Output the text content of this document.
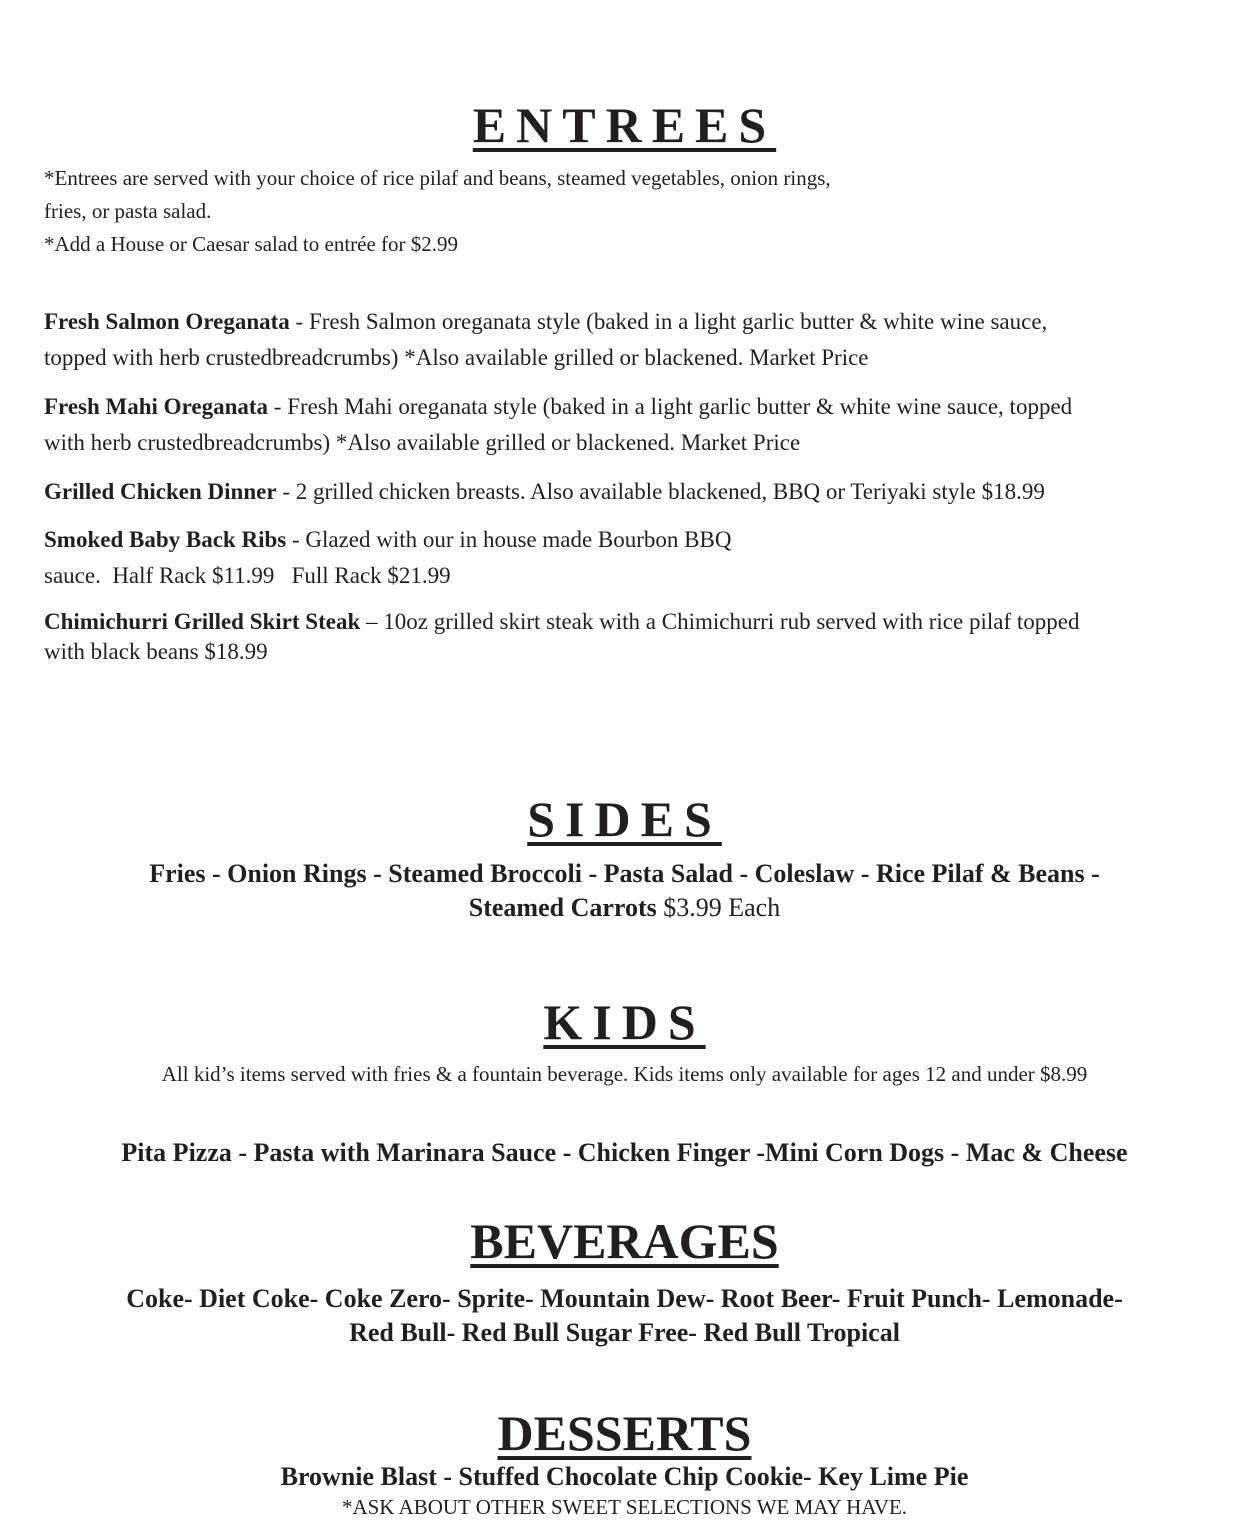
ENTREES

*Entrees are served with your choice of rice pilaf and beans, steamed vegetables, onion rings,

fries, or pasta salad.

*Add a House or Caesar salad to entrée for $2.99

Fresh Salmon Oreganata - Fresh Salmon oreganata style (baked in a light garlic butter & white wine sauce,
topped with herb crustedbreadcrumbs) *Also available grilled or blackened. Market Price
Fresh Mahi Oreganata - Fresh Mahi oreganata style (baked in a light garlic butter & white wine sauce, topped
with herb crustedbreadcrumbs) *Also available grilled or blackened. Market Price
Grilled Chicken Dinner - 2 grilled chicken breasts. Also available blackened, BBQ or Teriyaki style $18.99
Smoked Baby Back Ribs - Glazed with our in house made Bourbon BBQ
sauce.  Half Rack $11.99   Full Rack $21.99
Chimichurri Grilled Skirt Steak – 10oz grilled skirt steak with a Chimichurri rub served with rice pilaf topped
with black beans $18.99
SIDES
Fries - Onion Rings - Steamed Broccoli - Pasta Salad - Coleslaw - Rice Pilaf & Beans -
Steamed Carrots $3.99 Each
KIDS

All kid’s items served with fries & a fountain beverage. Kids items only available for ages 12 and under $8.99

Pita Pizza - Pasta with Marinara Sauce - Chicken Finger -Mini Corn Dogs - Mac & Cheese

BEVERAGES
Coke- Diet Coke- Coke Zero- Sprite- Mountain Dew- Root Beer- Fruit Punch- Lemonade-
Red Bull- Red Bull Sugar Free- Red Bull Tropical
DESSERTS

Brownie Blast - Stuffed Chocolate Chip Cookie- Key Lime Pie

*ASK ABOUT OTHER SWEET SELECTIONS WE MAY HAVE.
